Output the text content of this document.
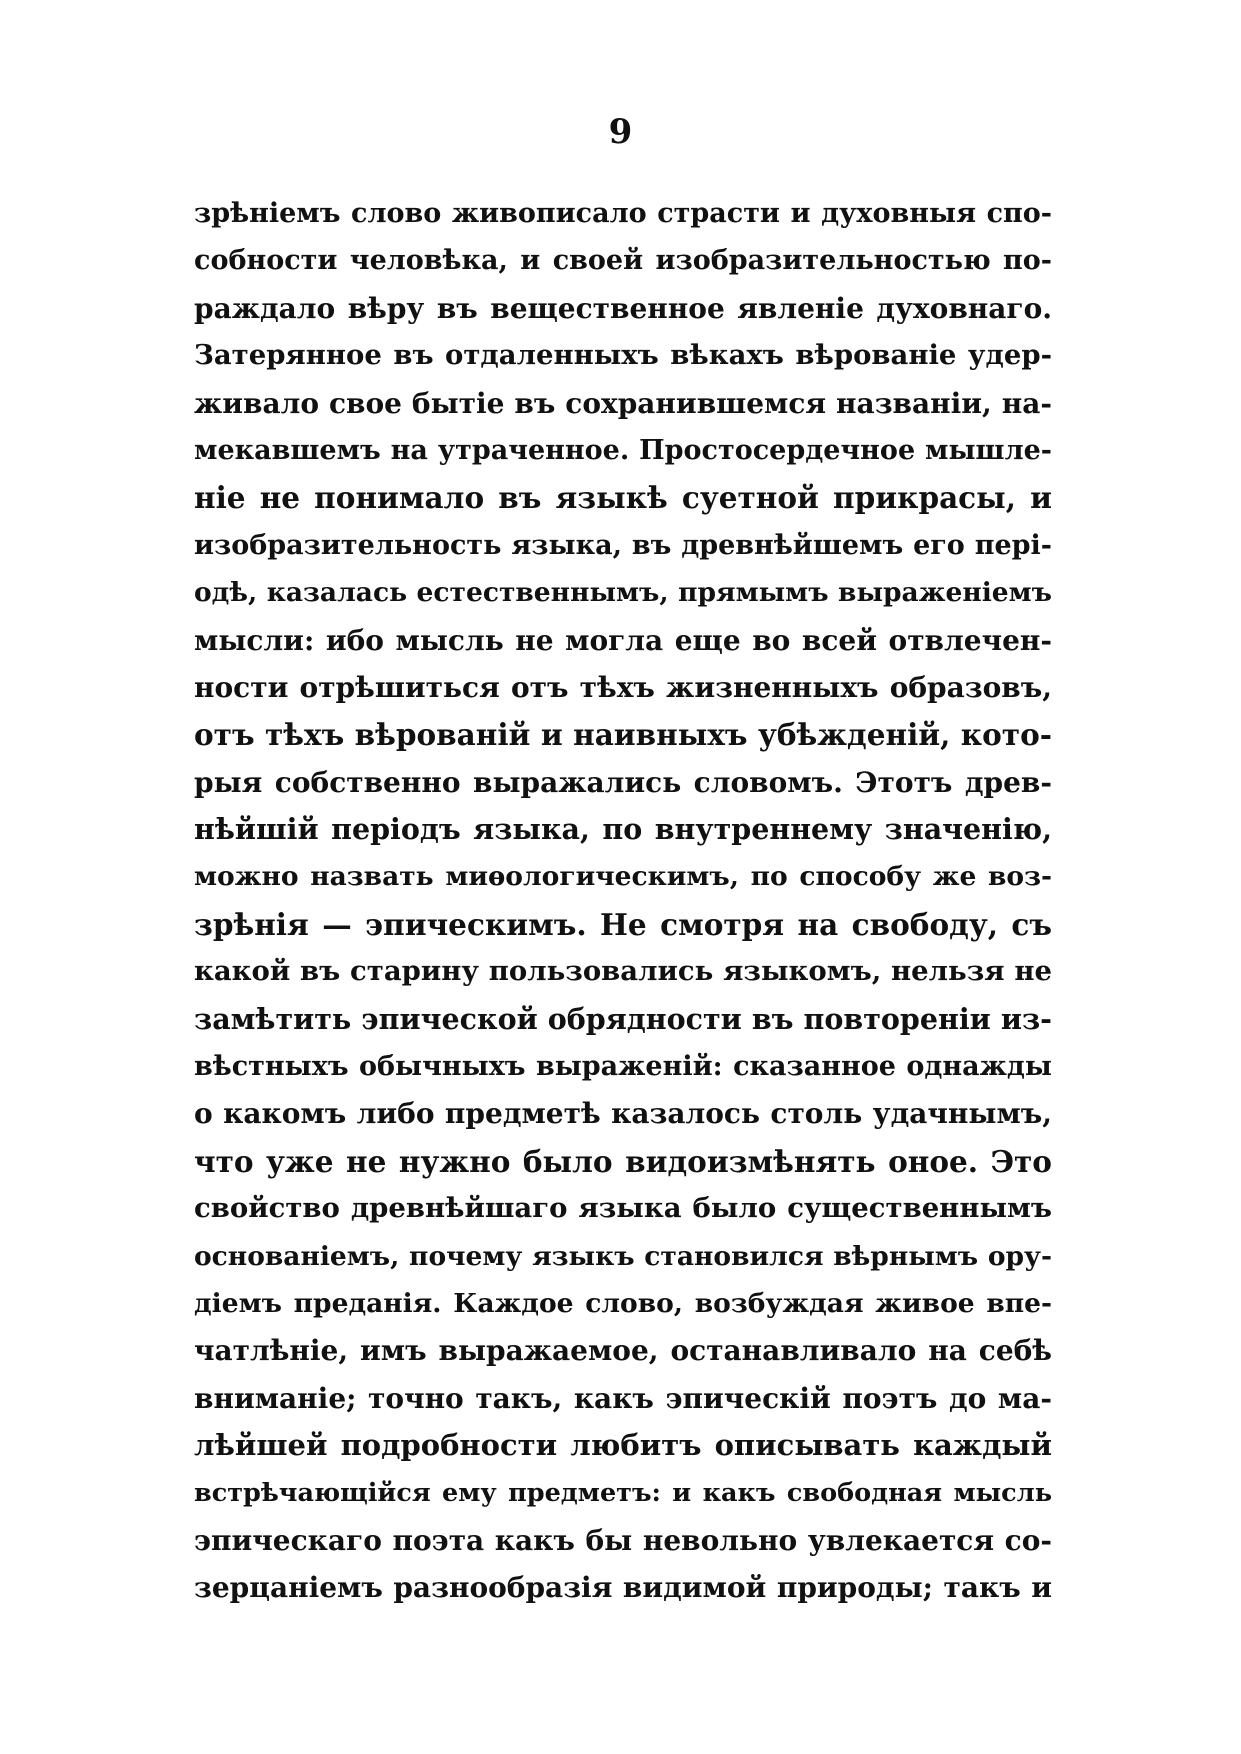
9
зрѣніемъ слово живописало страсти и духовныя спо-
собности человѣка, и своей изобразительностью по-
раждало вѣру въ вещественное явленіе духовнаго.
Затерянное въ отдаленныхъ вѣкахъ вѣрованіе удер-
живало свое бытіе въ сохранившемся названіи, на-
мекавшемъ на утраченное. Простосердечное мышле-
ніе не понимало въ языкѣ суетной прикрасы, и
изобразительность языка, въ древнѣйшемъ его пері-
одѣ, казалась естественнымъ, прямымъ выраженіемъ
мысли: ибо мысль не могла еще во всей отвлечен-
ности отрѣшиться отъ тѣхъ жизненныхъ образовъ,
отъ тѣхъ вѣрованій и наивныхъ убѣжденій, кото-
рыя собственно выражались словомъ. Этотъ древ-
нѣйшій періодъ языка, по внутреннему значенію,
можно назвать миѳологическимъ, по способу же воз-
зрѣнія — эпическимъ. Не смотря на свободу, съ
какой въ старину пользовались языкомъ, нельзя не
замѣтить эпической обрядности въ повтореніи из-
вѣстныхъ обычныхъ выраженій: сказанное однажды
о какомъ либо предметѣ казалось столь удачнымъ,
что уже не нужно было видоизмѣнять оное. Это
свойство древнѣйшаго языка было существеннымъ
основаніемъ, почему языкъ становился вѣрнымъ ору-
діемъ преданія. Каждое слово, возбуждая живое впе-
чатлѣніе, имъ выражаемое, останавливало на себѣ
вниманіе; точно такъ, какъ эпическій поэтъ до ма-
лѣйшей подробности любитъ описывать каждый
встрѣчающійся ему предметъ: и какъ свободная мысль
эпическаго поэта какъ бы невольно увлекается со-
зерцаніемъ разнообразія видимой природы; такъ и
